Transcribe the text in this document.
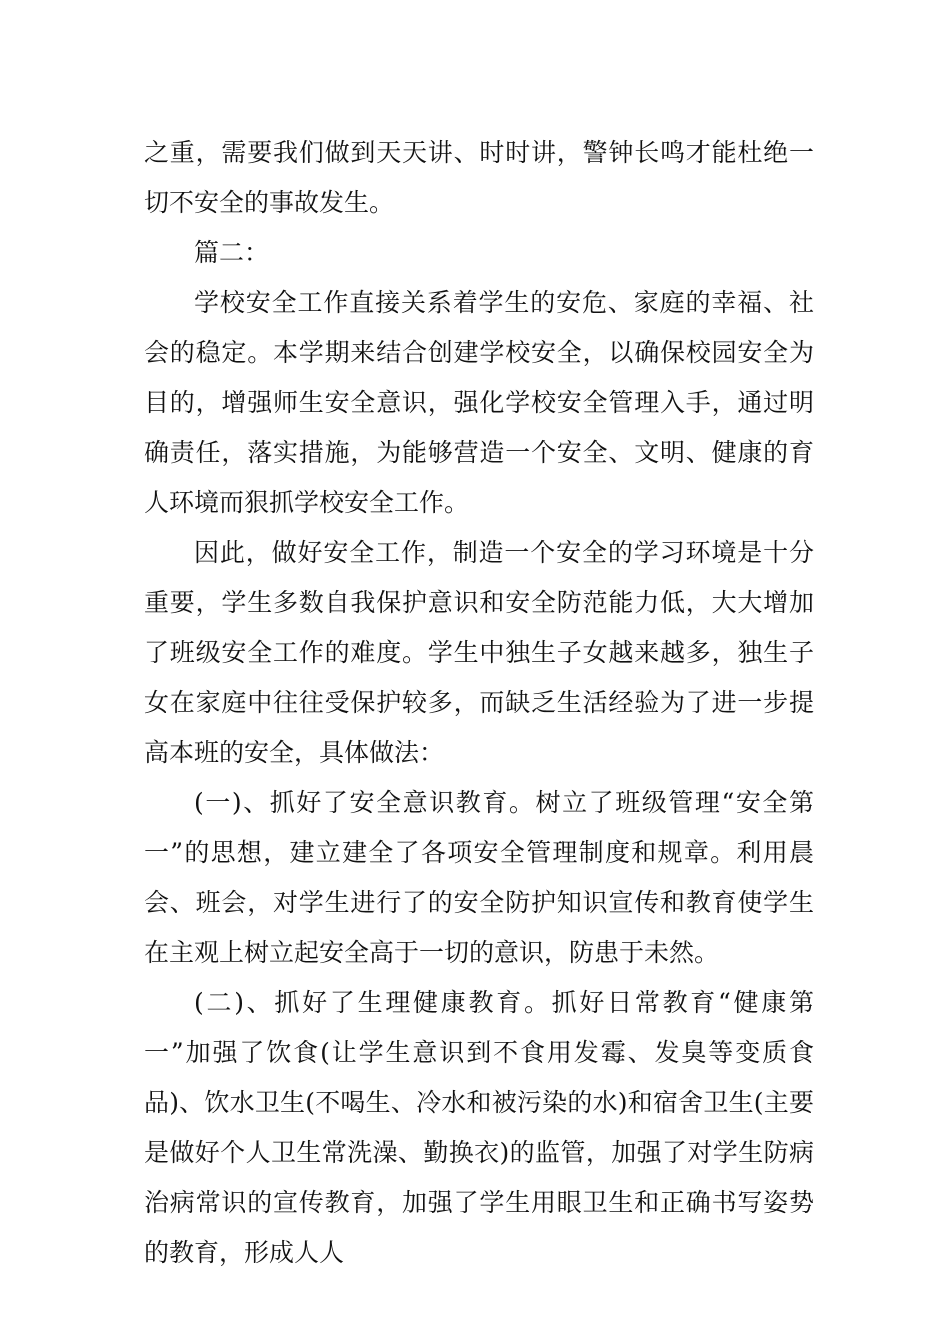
之重，需要我们做到天天讲、时时讲，警钟长鸣才能杜绝一切不安全的事故发生。

篇二：

学校安全工作直接关系着学生的安危、家庭的幸福、社会的稳定。本学期来结合创建学校安全，以确保校园安全为目的，增强师生安全意识，强化学校安全管理入手，通过明确责任，落实措施，为能够营造一个安全、文明、健康的育人环境而狠抓学校安全工作。

因此，做好安全工作，制造一个安全的学习环境是十分重要，学生多数自我保护意识和安全防范能力低，大大增加了班级安全工作的难度。学生中独生子女越来越多，独生子女在家庭中往往受保护较多，而缺乏生活经验为了进一步提高本班的安全，具体做法：

(一)、抓好了安全意识教育。树立了班级管理“安全第一”的思想，建立建全了各项安全管理制度和规章。利用晨会、班会，对学生进行了的安全防护知识宣传和教育使学生在主观上树立起安全高于一切的意识，防患于未然。

(二)、抓好了生理健康教育。抓好日常教育“健康第一”加强了饮食(让学生意识到不食用发霉、发臭等变质食品)、饮水卫生(不喝生、冷水和被污染的水)和宿舍卫生(主要是做好个人卫生常洗澡、勤换衣)的监管，加强了对学生防病治病常识的宣传教育，加强了学生用眼卫生和正确书写姿势的教育，形成人人
